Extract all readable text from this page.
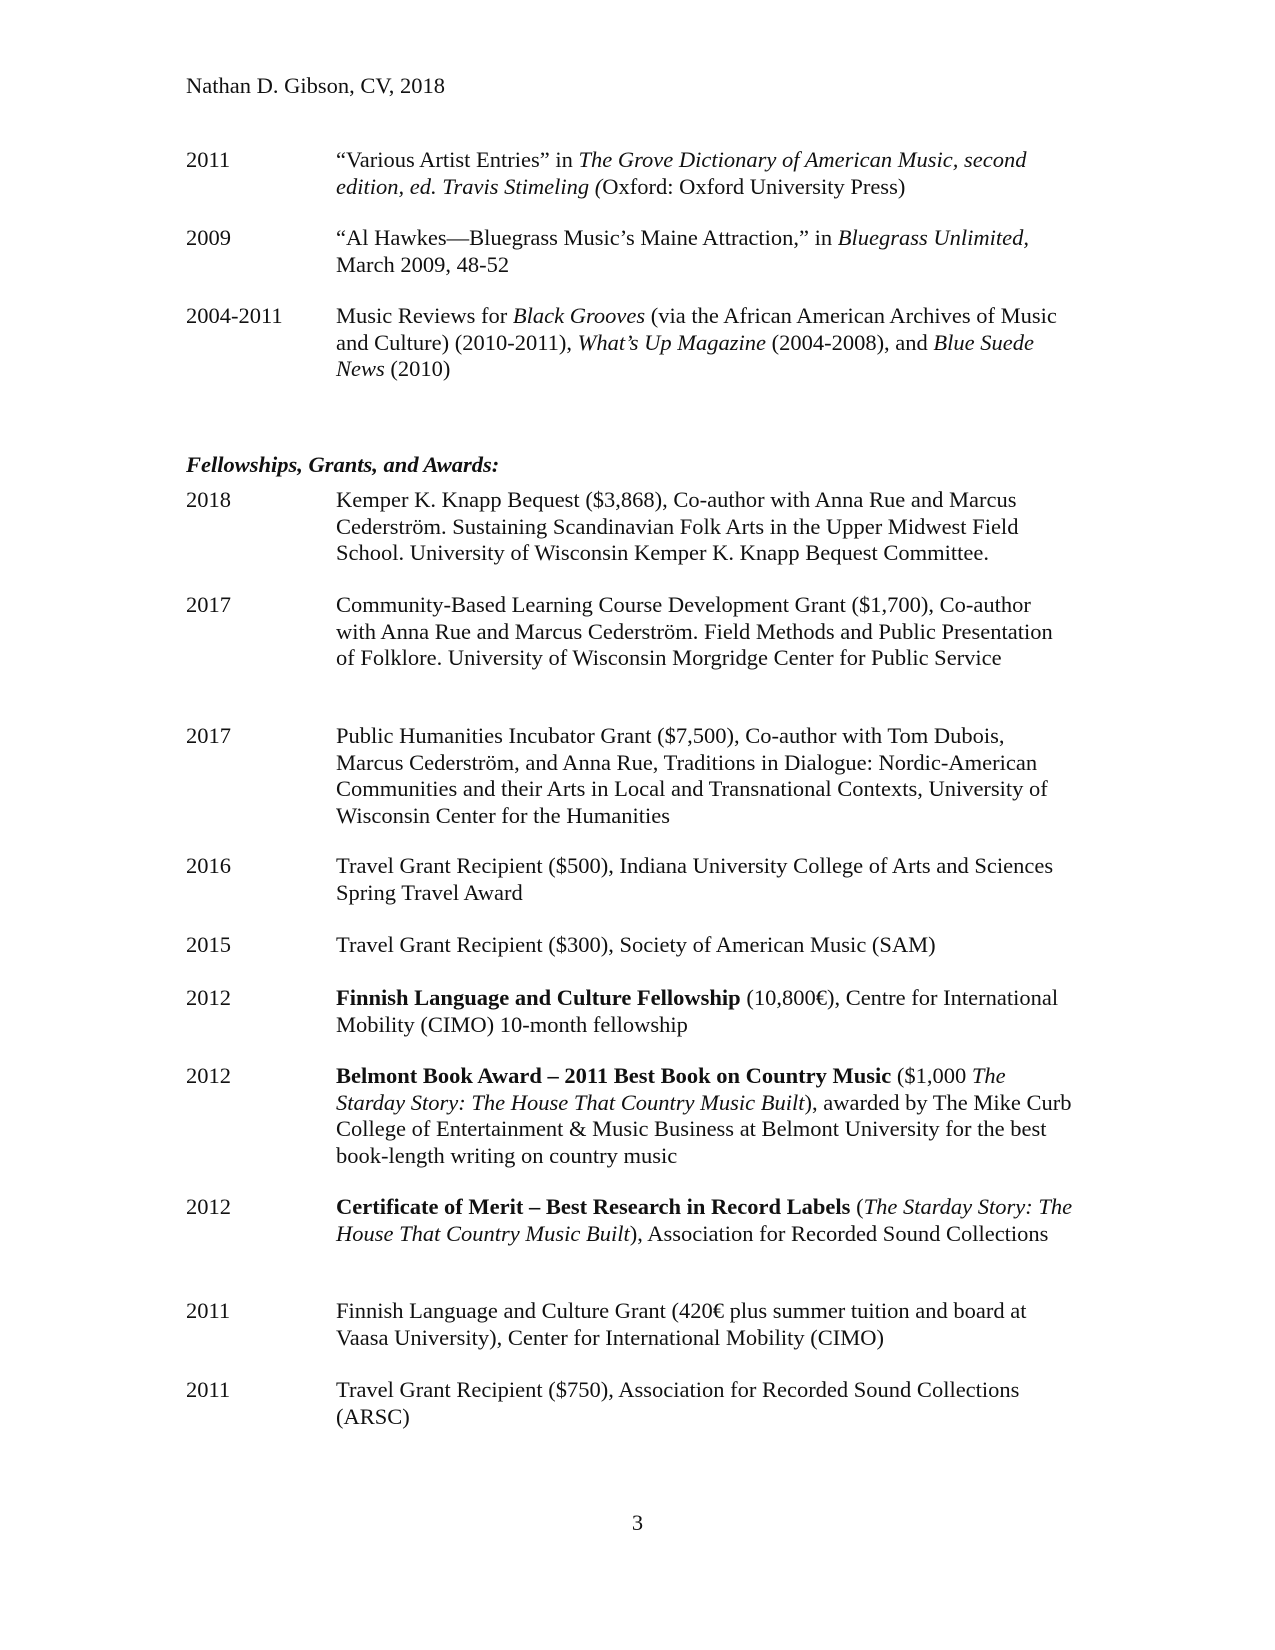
Nathan D. Gibson, CV, 2018
2011	“Various Artist Entries” in The Grove Dictionary of American Music, second edition, ed. Travis Stimeling (Oxford: Oxford University Press)
2009	“Al Hawkes—Bluegrass Music’s Maine Attraction,” in Bluegrass Unlimited, March 2009, 48-52
2004-2011	Music Reviews for Black Grooves (via the African American Archives of Music and Culture) (2010-2011), What’s Up Magazine (2004-2008), and Blue Suede News (2010)
Fellowships, Grants, and Awards:
2018	Kemper K. Knapp Bequest ($3,868), Co-author with Anna Rue and Marcus Cederström. Sustaining Scandinavian Folk Arts in the Upper Midwest Field School. University of Wisconsin Kemper K. Knapp Bequest Committee.
2017	Community-Based Learning Course Development Grant ($1,700), Co-author with Anna Rue and Marcus Cederström. Field Methods and Public Presentation of Folklore. University of Wisconsin Morgridge Center for Public Service
2017	Public Humanities Incubator Grant ($7,500), Co-author with Tom Dubois, Marcus Cederström, and Anna Rue, Traditions in Dialogue: Nordic-American Communities and their Arts in Local and Transnational Contexts, University of Wisconsin Center for the Humanities
2016	Travel Grant Recipient ($500), Indiana University College of Arts and Sciences Spring Travel Award
2015	Travel Grant Recipient ($300), Society of American Music (SAM)
2012	Finnish Language and Culture Fellowship (10,800€), Centre for International Mobility (CIMO) 10-month fellowship
2012	Belmont Book Award – 2011 Best Book on Country Music ($1,000 The Starday Story: The House That Country Music Built), awarded by The Mike Curb College of Entertainment & Music Business at Belmont University for the best book-length writing on country music
2012	Certificate of Merit – Best Research in Record Labels (The Starday Story: The House That Country Music Built), Association for Recorded Sound Collections
2011	Finnish Language and Culture Grant (420€ plus summer tuition and board at Vaasa University), Center for International Mobility (CIMO)
2011	Travel Grant Recipient ($750), Association for Recorded Sound Collections (ARSC)
3
